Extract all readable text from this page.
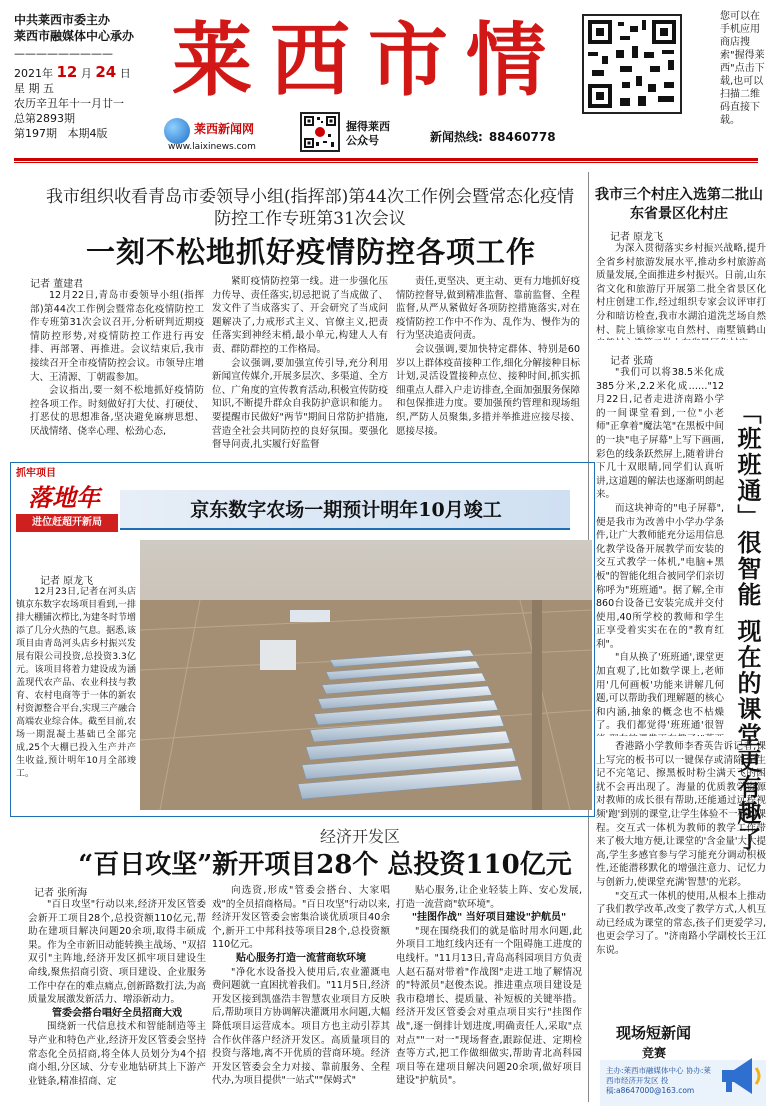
中共莱西市委主办
莱西市融媒体中心承办
—————————
2021年 12 月 24 日
星 期 五
农历辛丑年十一月廿一
总第2893期
第197期 本期4版
莱西市情
莱西新闻网
www.laixinews.com
握得莱西
公众号	新闻热线: 88460778
您可以在手机应用商店搜索"握得莱西"点击下载,也可以扫描二维码直接下载。
我市组织收看青岛市委领导小组(指挥部)第44次工作例会暨常态化疫情防控工作专班第31次会议
一刻不松地抓好疫情防控各项工作
记者 董建君
12月22日,青岛市委领导小组(指挥部)第44次工作例会暨常态化疫情防控工作专班第31次会议召开,分析研判近期疫情防控形势,对疫情防控工作进行再安排、再部署、再推进。会议结束后,我市接续召开全市疫情防控会议。市领导庄增大、王清源、丁朝霞参加。
会议指出,要一刻不松地抓好疫情防控各项工作。时刻做好打大仗、打硬仗、打恶仗的思想准备,坚决避免麻痹思想、厌战情绪、侥幸心理、松劲心态,
紧盯疫情防控第一线。进一步强化压力传导、责任落实,切忌把说了当成做了、发文件了当成落实了、开会研究了当成问题解决了,力戒形式主义、官僚主义,把责任落实到神经末梢,最小单元,构建人人有责、群防群控的工作格局。
会议强调,要加强宣传引导,充分利用新闻宣传媒介,开展多层次、多渠道、全方位、广角度的宣传教育活动,积极宣传防疫知识,不断提升群众自我防护意识和能力。要提醒市民做好"两节"期间日常防护措施,营造全社会共同防控的良好氛围。要强化督导问责,扎实履行好监督
责任,更坚决、更主动、更有力地抓好疫情防控督导,做到精准监督、靠前监督、全程监督,从严从紧做好各项防控措施落实,对在疫情防控工作中不作为、乱作为、慢作为的行为坚决追责问责。
会议强调,要加快特定群体、特别是60岁以上群体疫苗接种工作,细化分解接种目标计划,灵活设置接种点位、接种时间,抓实抓细重点人群入户走访排查,全面加强服务保障和包保推进力度。要加强预约管理和现场组织,严防人员聚集,多措并举推进应接尽接、愿接尽接。
我市三个村庄入选第二批山东省景区化村庄
记者 原龙飞
为深入贯彻落实乡村振兴战略,提升全省乡村旅游发展水平,推动乡村旅游高质量发展,全面推进乡村振兴。日前,山东省文化和旅游厅开展第二批全省景区化村庄创建工作,经过组织专家会议评审打分和暗访检查,我市水湖泊道洗芝场自然村、院上镇徐家屯自然村、南墅镇鹤山
记者 张琦
"我们可以将38.5米化成385分米,2.2米化成……"12月22日,记者走进济南路小学的一间课堂看到,一位"小老师"正拿着"魔法笔"在黑板中间的一块"电子屏幕"上写下画画,彩色的线条跃然屏上,随着讲台下几十双眼睛,同学们认真听讲,这道题的解法也逐渐明朗起来。
而这块神奇的"电子屏幕",便是我市为改善中小学办学条件,让广大教师能充分运用信息化教学设备开展教学而安装的交互式教学一体机,"电脑+黑板"的智能化组合被同学们亲切称呼为"班班通"。据了解,全市860台设备已安装完成并交付使用,40所学校的教师和学生正享受着实实在在的"教育红利"。
"自从换了'班班通',课堂更加直观了,比如数学课上,老师用'几何画板'功能来讲解几何题,可以帮助我们理解题的核心和内涵,抽象的概念也不枯燥了。我们都觉得'班班通'很智 「班班通」很智能 现在的课堂更有趣了
香港路小学教师李香英告诉记者,课上写完的板书可以一键保存或清除,学生记不完笔记、擦黑板时粉尘满天飞的困扰不会再出现了。海量的优质教学资源对教师的成长很有帮助,还能通过远程视频'跑'到别的课堂,让学生体验不一样的课程。交互式一体机为教师的教学工作带来了极大地方便,让课堂的'含金量'大大提高,学生多感官参与学习能充分调动积极性,还能潜移默化的增强注意力、记忆力与创新力,使课堂充满'智慧'的光彩。
"交互式一体机的使用,从根本上推动了我们教学改革,改变了教学方式,人机互动已经成为课堂的常态,孩子们更爱学习,也更会学习了。"济南路小学副校长王江东说。
抓牢项目
落地年
进位赶超开新局
京东数字农场一期预计明年10月竣工
记者 原龙飞
12月23日,记者在河头店镇京东数字农场项目看到,一排排大棚铺次栉比,为建冬时节增添了几分火热的气息。据悉,该项目由青岛河头店乡村振兴发展有限公司投资,总投资3.3亿元。该项目将着力建设成为涵盖现代农产品、农业科技与教育、农村电商等于一体的新农村资源整合平台,实现三产融合高端农业综合体。截至目前,农场一期混凝土基础已全部完成,25个大棚已投入生产并产生收益,预计明年10月全部竣工。
经济开发区
“百日攻坚”新开项目28个 总投资110亿元
记者 张所海
"百日攻坚"行动以来,经济开发区管委会新开工项目28个,总投资额110亿元,帮助在建项目解决问题20余项,取得丰硕成果。作为全市新旧动能转换主战场、"双招双引"主阵地,经济开发区抓牢项目建设生命线,聚焦招商引资、项目建设、企业服务工作中存在的难点痛点,创新路数打法,为高质量发展激发新活力、增添新动力。
管委会搭台唱好全员招商大戏
围绕新一代信息技术和智能制造等主导产业和特色产业,经济开发区管委会坚持常态化全员招商,将全体人员划分为4个招商小组,分区域、分专业地钻研其上下游产业链条,精准招商、定
向选资,形成"管委会搭台、大家唱戏"的全员招商格局。"百日攻坚"行动以来,经济开发区管委会密集洽谈优质项目40余个,新开工中邦科技等项目28个,总投资额110亿元。
贴心服务打造一流营商软环境
"净化水设备投入使用后,农业灌溉电费问题就一直困扰着我们。"11月5日,经济开发区接到凯盛浩丰智慧农业项目方反映后,帮助项目方协调解决灌溉用水问题,大幅降低项目运营成本。项目方也主动引荐其合作伙伴落户经济开发区。高质量项目的投资与落地,离不开优质的营商环境。经济开发区管委会全力对接、靠前服务、全程代办,为项目提供"一站式""保姆式"
贴心服务,让企业轻装上阵、安心发展,打造一流营商"软环境"。
"挂图作战" 当好项目建设"护航员"
"现在围绕我们的就是临时用水问题,此外项目工地红线内还有一个阻碍施工进度的电线杆。"11月13日,青岛高科园项目方负责人赵石磊对带着"作战图"走进工地了解情况的"特派员"赵俊杰说。推进重点项目建设是我市稳增长、提质量、补短板的关键举措。经济开发区管委会对重点项目实行"挂图作战",逐一倒排计划进度,明确责任人,采取"点对点""一对一"现场督查,跟踪促进、定期检查等方式,把工作做细做实,帮助青北高科园项目等在建项目解决问题20余项,做好项目建设"护航员"。
现场短新闻
竞赛
主办:莱西市融媒体中心 协办:莱西市经济开发区 投稿:a8647000@163.com
